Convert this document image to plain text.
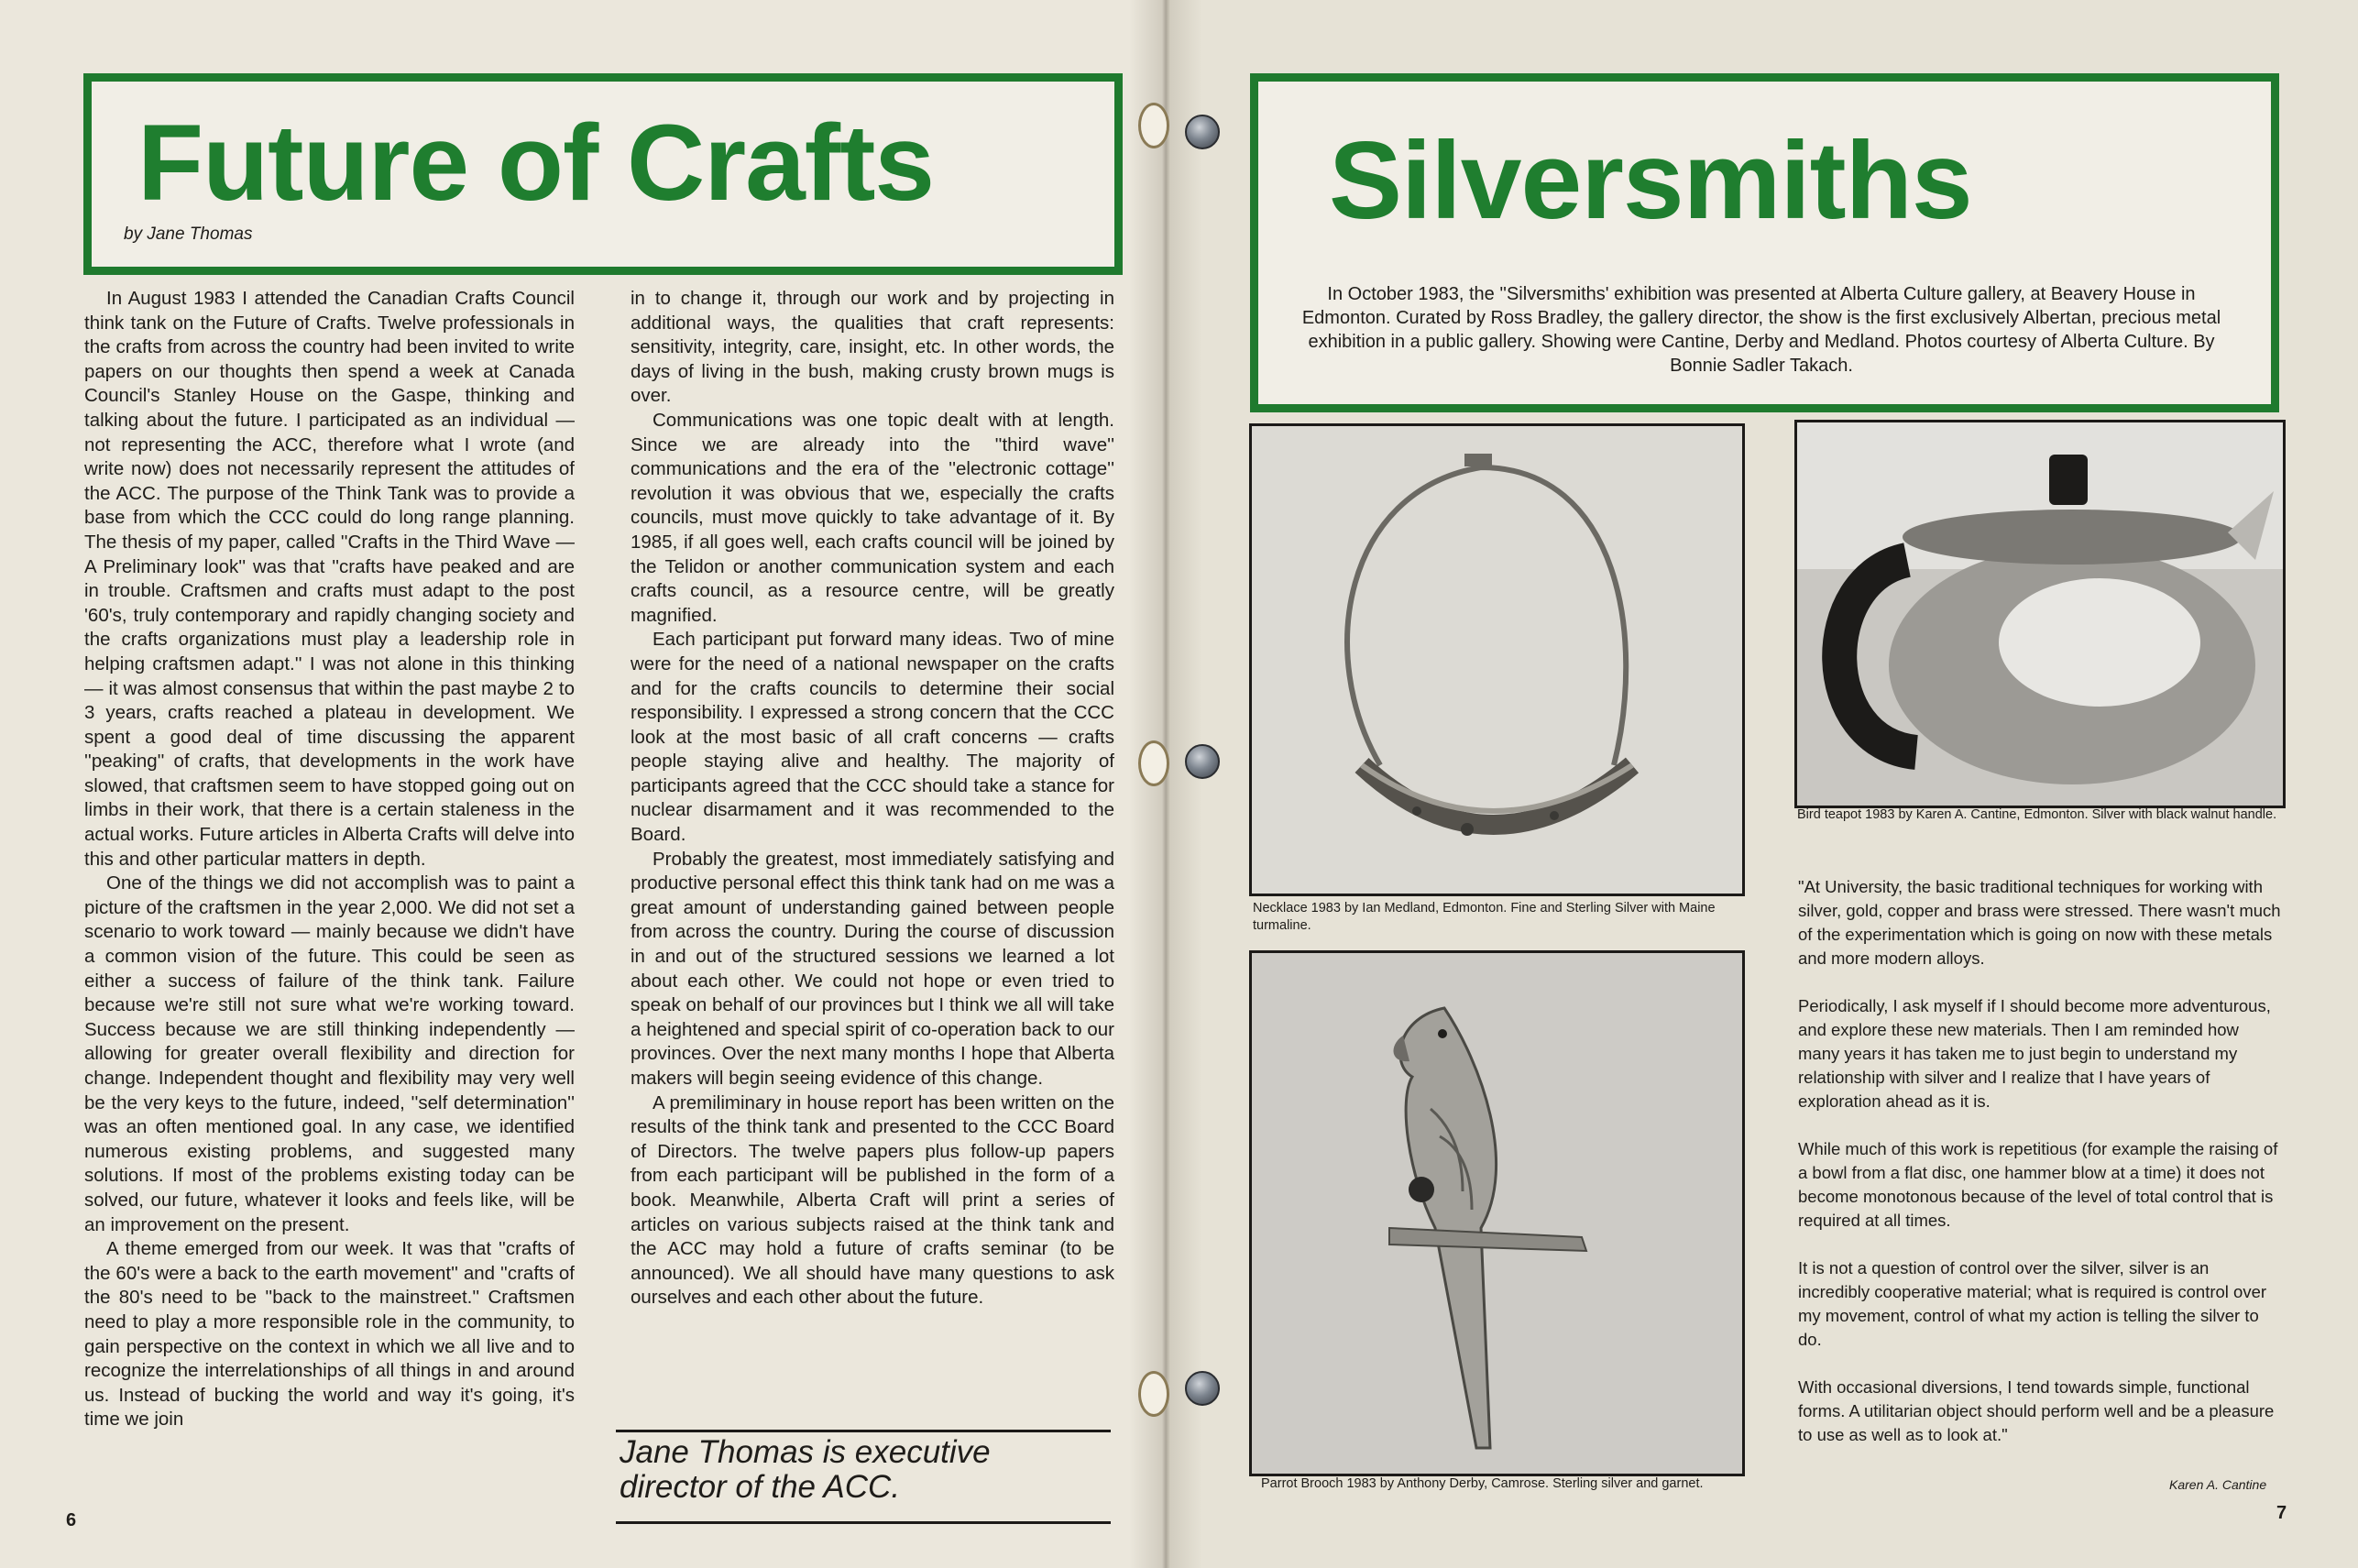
Future of Crafts
by Jane Thomas

In August 1983 I attended the Canadian Crafts Council think tank on the Future of Crafts. Twelve professionals in the crafts from across the country had been invited to write papers on our thoughts then spend a week at Canada Council's Stanley House on the Gaspe, thinking and talking about the future. I participated as an individual — not representing the ACC, therefore what I wrote (and write now) does not necessarily represent the attitudes of the ACC. The purpose of the Think Tank was to provide a base from which the CCC could do long range planning. The thesis of my paper, called ''Crafts in the Third Wave — A Preliminary look'' was that ''crafts have peaked and are in trouble. Craftsmen and crafts must adapt to the post '60's, truly contemporary and rapidly changing society and the crafts organizations must play a leadership role in helping craftsmen adapt.'' I was not alone in this thinking — it was almost consensus that within the past maybe 2 to 3 years, crafts reached a plateau in development. We spent a good deal of time discussing the apparent ''peaking'' of crafts, that developments in the work have slowed, that craftsmen seem to have stopped going out on limbs in their work, that there is a certain staleness in the actual works. Future articles in Alberta Crafts will delve into this and other particular matters in depth.

One of the things we did not accomplish was to paint a picture of the craftsmen in the year 2,000. We did not set a scenario to work toward — mainly because we didn't have a common vision of the future. This could be seen as either a success of failure of the think tank. Failure because we're still not sure what we're working toward. Success because we are still thinking independently — allowing for greater overall flexibility and direction for change. Independent thought and flexibility may very well be the very keys to the future, indeed, ''self determination'' was an often mentioned goal. In any case, we identified numerous existing problems, and suggested many solutions. If most of the problems existing today can be solved, our future, whatever it looks and feels like, will be an improvement on the present.

A theme emerged from our week. It was that ''crafts of the 60's were a back to the earth movement'' and ''crafts of the 80's need to be ''back to the mainstreet.'' Craftsmen need to play a more responsible role in the community, to gain perspective on the context in which we all live and to recognize the interrelationships of all things in and around us. Instead of bucking the world and way it's going, it's time we join

in to change it, through our work and by projecting in additional ways, the qualities that craft represents: sensitivity, integrity, care, insight, etc. In other words, the days of living in the bush, making crusty brown mugs is over.

Communications was one topic dealt with at length. Since we are already into the ''third wave'' communications and the era of the ''electronic cottage'' revolution it was obvious that we, especially the crafts councils, must move quickly to take advantage of it. By 1985, if all goes well, each crafts council will be joined by the Telidon or another communication system and each crafts council, as a resource centre, will be greatly magnified.

Each participant put forward many ideas. Two of mine were for the need of a national newspaper on the crafts and for the crafts councils to determine their social responsibility. I expressed a strong concern that the CCC look at the most basic of all craft concerns — crafts people staying alive and healthy. The majority of participants agreed that the CCC should take a stance for nuclear disarmament and it was recommended to the Board.

Probably the greatest, most immediately satisfying and productive personal effect this think tank had on me was a great amount of understanding gained between people from across the country. During the course of discussion in and out of the structured sessions we learned a lot about each other. We could not hope or even tried to speak on behalf of our provinces but I think we all will take a heightened and special spirit of co-operation back to our provinces. Over the next many months I hope that Alberta makers will begin seeing evidence of this change.

A premiliminary in house report has been written on the results of the think tank and presented to the CCC Board of Directors. The twelve papers plus follow-up papers from each participant will be published in the form of a book. Meanwhile, Alberta Craft will print a series of articles on various subjects raised at the think tank and the ACC may hold a future of crafts seminar (to be announced). We all should have many questions to ask ourselves and each other about the future.

Jane Thomas is executive director of the ACC.
6
Silversmiths
In October 1983, the ''Silversmiths' exhibition was presented at Alberta Culture gallery, at Beavery House in Edmonton. Curated by Ross Bradley, the gallery director, the show is the first exclusively Albertan, precious metal exhibition in a public gallery. Showing were Cantine, Derby and Medland. Photos courtesy of Alberta Culture. By Bonnie Sadler Takach.
Necklace 1983 by Ian Medland, Edmonton. Fine and Sterling Silver with Maine turmaline.
Bird teapot 1983 by Karen A. Cantine, Edmonton. Silver with black walnut handle.
Parrot Brooch 1983 by Anthony Derby, Camrose. Sterling silver and garnet.

"At University, the basic traditional techniques for working with silver, gold, copper and brass were stressed. There wasn't much of the experimentation which is going on now with these metals and more modern alloys.

Periodically, I ask myself if I should become more adventurous, and explore these new materials. Then I am reminded how many years it has taken me to just begin to understand my relationship with silver and I realize that I have years of exploration ahead as it is.

While much of this work is repetitious (for example the raising of a bowl from a flat disc, one hammer blow at a time) it does not become monotonous because of the level of total control that is required at all times.

It is not a question of control over the silver, silver is an incredibly cooperative material; what is required is control over my movement, control of what my action is telling the silver to do.

With occasional diversions, I tend towards simple, functional forms. A utilitarian object should perform well and be a pleasure to use as well as to look at."

Karen A. Cantine
7
